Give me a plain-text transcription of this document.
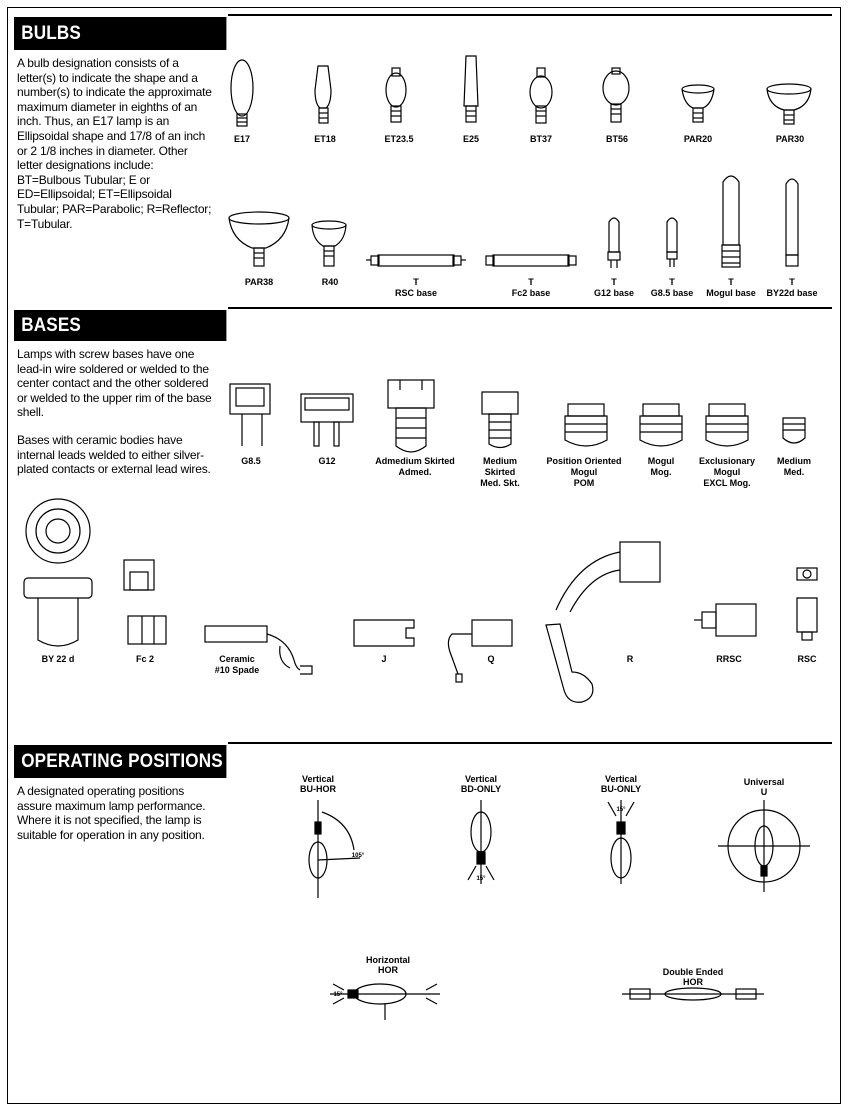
BULBS
A bulb designation consists of a letter(s) to indicate the shape and a number(s) to indicate the approximate maximum diameter in eighths of an inch. Thus, an E17 lamp is an Ellipsoidal shape and 17/8 of an inch or 2 1/8 inches in diameter. Other letter designations include: BT=Bulbous Tubular; E or ED=Ellipsoidal; ET=Ellipsoidal Tubular; PAR=Parabolic; R=Reflector; T=Tubular.
BASES
Lamps with screw bases have one lead-in wire soldered or welded to the center contact and the other soldered or welded to the upper rim of the base shell.
Bases with ceramic bodies have internal leads welded to either silver-plated contacts or external lead wires.
OPERATING POSITIONS
A designated operating positions assure maximum lamp performance. Where it is not specified, the lamp is suitable for operation in any position.
E17	ET18	ET23.5	E25	BT37	BT56	PAR20	PAR30
PAR38	R40	T
RSC base
T
Fc2 base
T
G12 base
T
G8.5 base
T
Mogul base
T
BY22d base
G8.5	G12	Admedium Skirted
Admed.
Medium
Skirted
Med. Skt.
Position Oriented
Mogul
POM
Mogul
Mog.
Exclusionary
Mogul
EXCL Mog.
Medium
Med.
BY 22 d	Fc 2	Ceramic
#10 Spade
J	Q	R	RRSC	RSC
Vertical
BU-HOR
105°
Vertical
BD-ONLY
15°
Vertical
BU-ONLY
15°
Universal
U
Horizontal
HOR
15°
Double Ended
HOR
